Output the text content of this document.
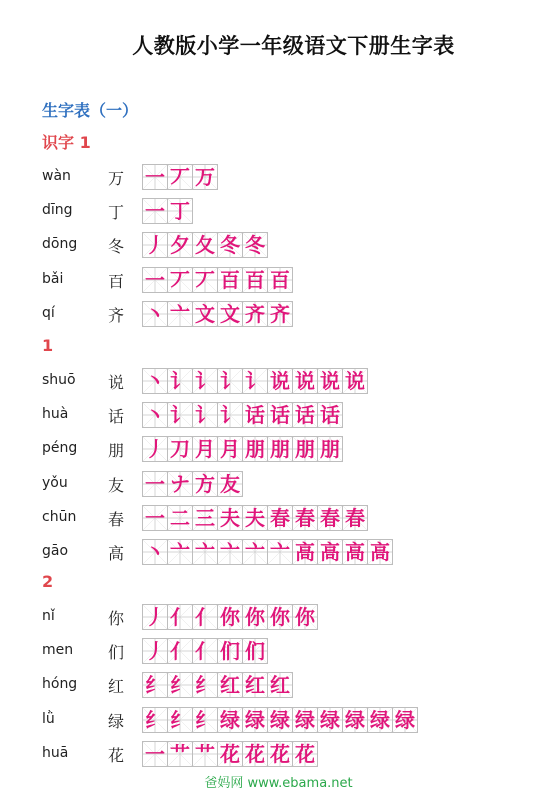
人教版小学一年级语文下册生字表
生字表（一）
识字 1
wàn 万 一 丆 万
dīng 丁 一 丁
dōng 冬 丿 夕 夂 冬 冬
bǎi	百 一 丆 丆 百 百 百
qí	齐 丶 亠 文 文 齐 齐
1
shuō 说 丶 讠 讠 讠 讠 说 说 说 说
huà 话 丶 讠 讠 讠 话 话 话 话
péng 朋 丿 刀 月 月 朋 朋 朋 朋
yǒu	友 一 ナ 方 友
chūn 春 一 二 三 夫 夫 春 春 春 春
gāo 高 丶 亠 亠 亠 亠 亠 高 高 高 高
2
nǐ	你 丿 亻 亻 你 你 你 你
men 们 丿 亻 亻 们 们
hóng 红 纟 纟 纟 红 红 红
lǜ	绿 纟 纟 纟 绿 绿 绿 绿 绿 绿 绿 绿
huā 花 一 艹 艹 花 花 花 花
爸妈网 www.ebama.net
